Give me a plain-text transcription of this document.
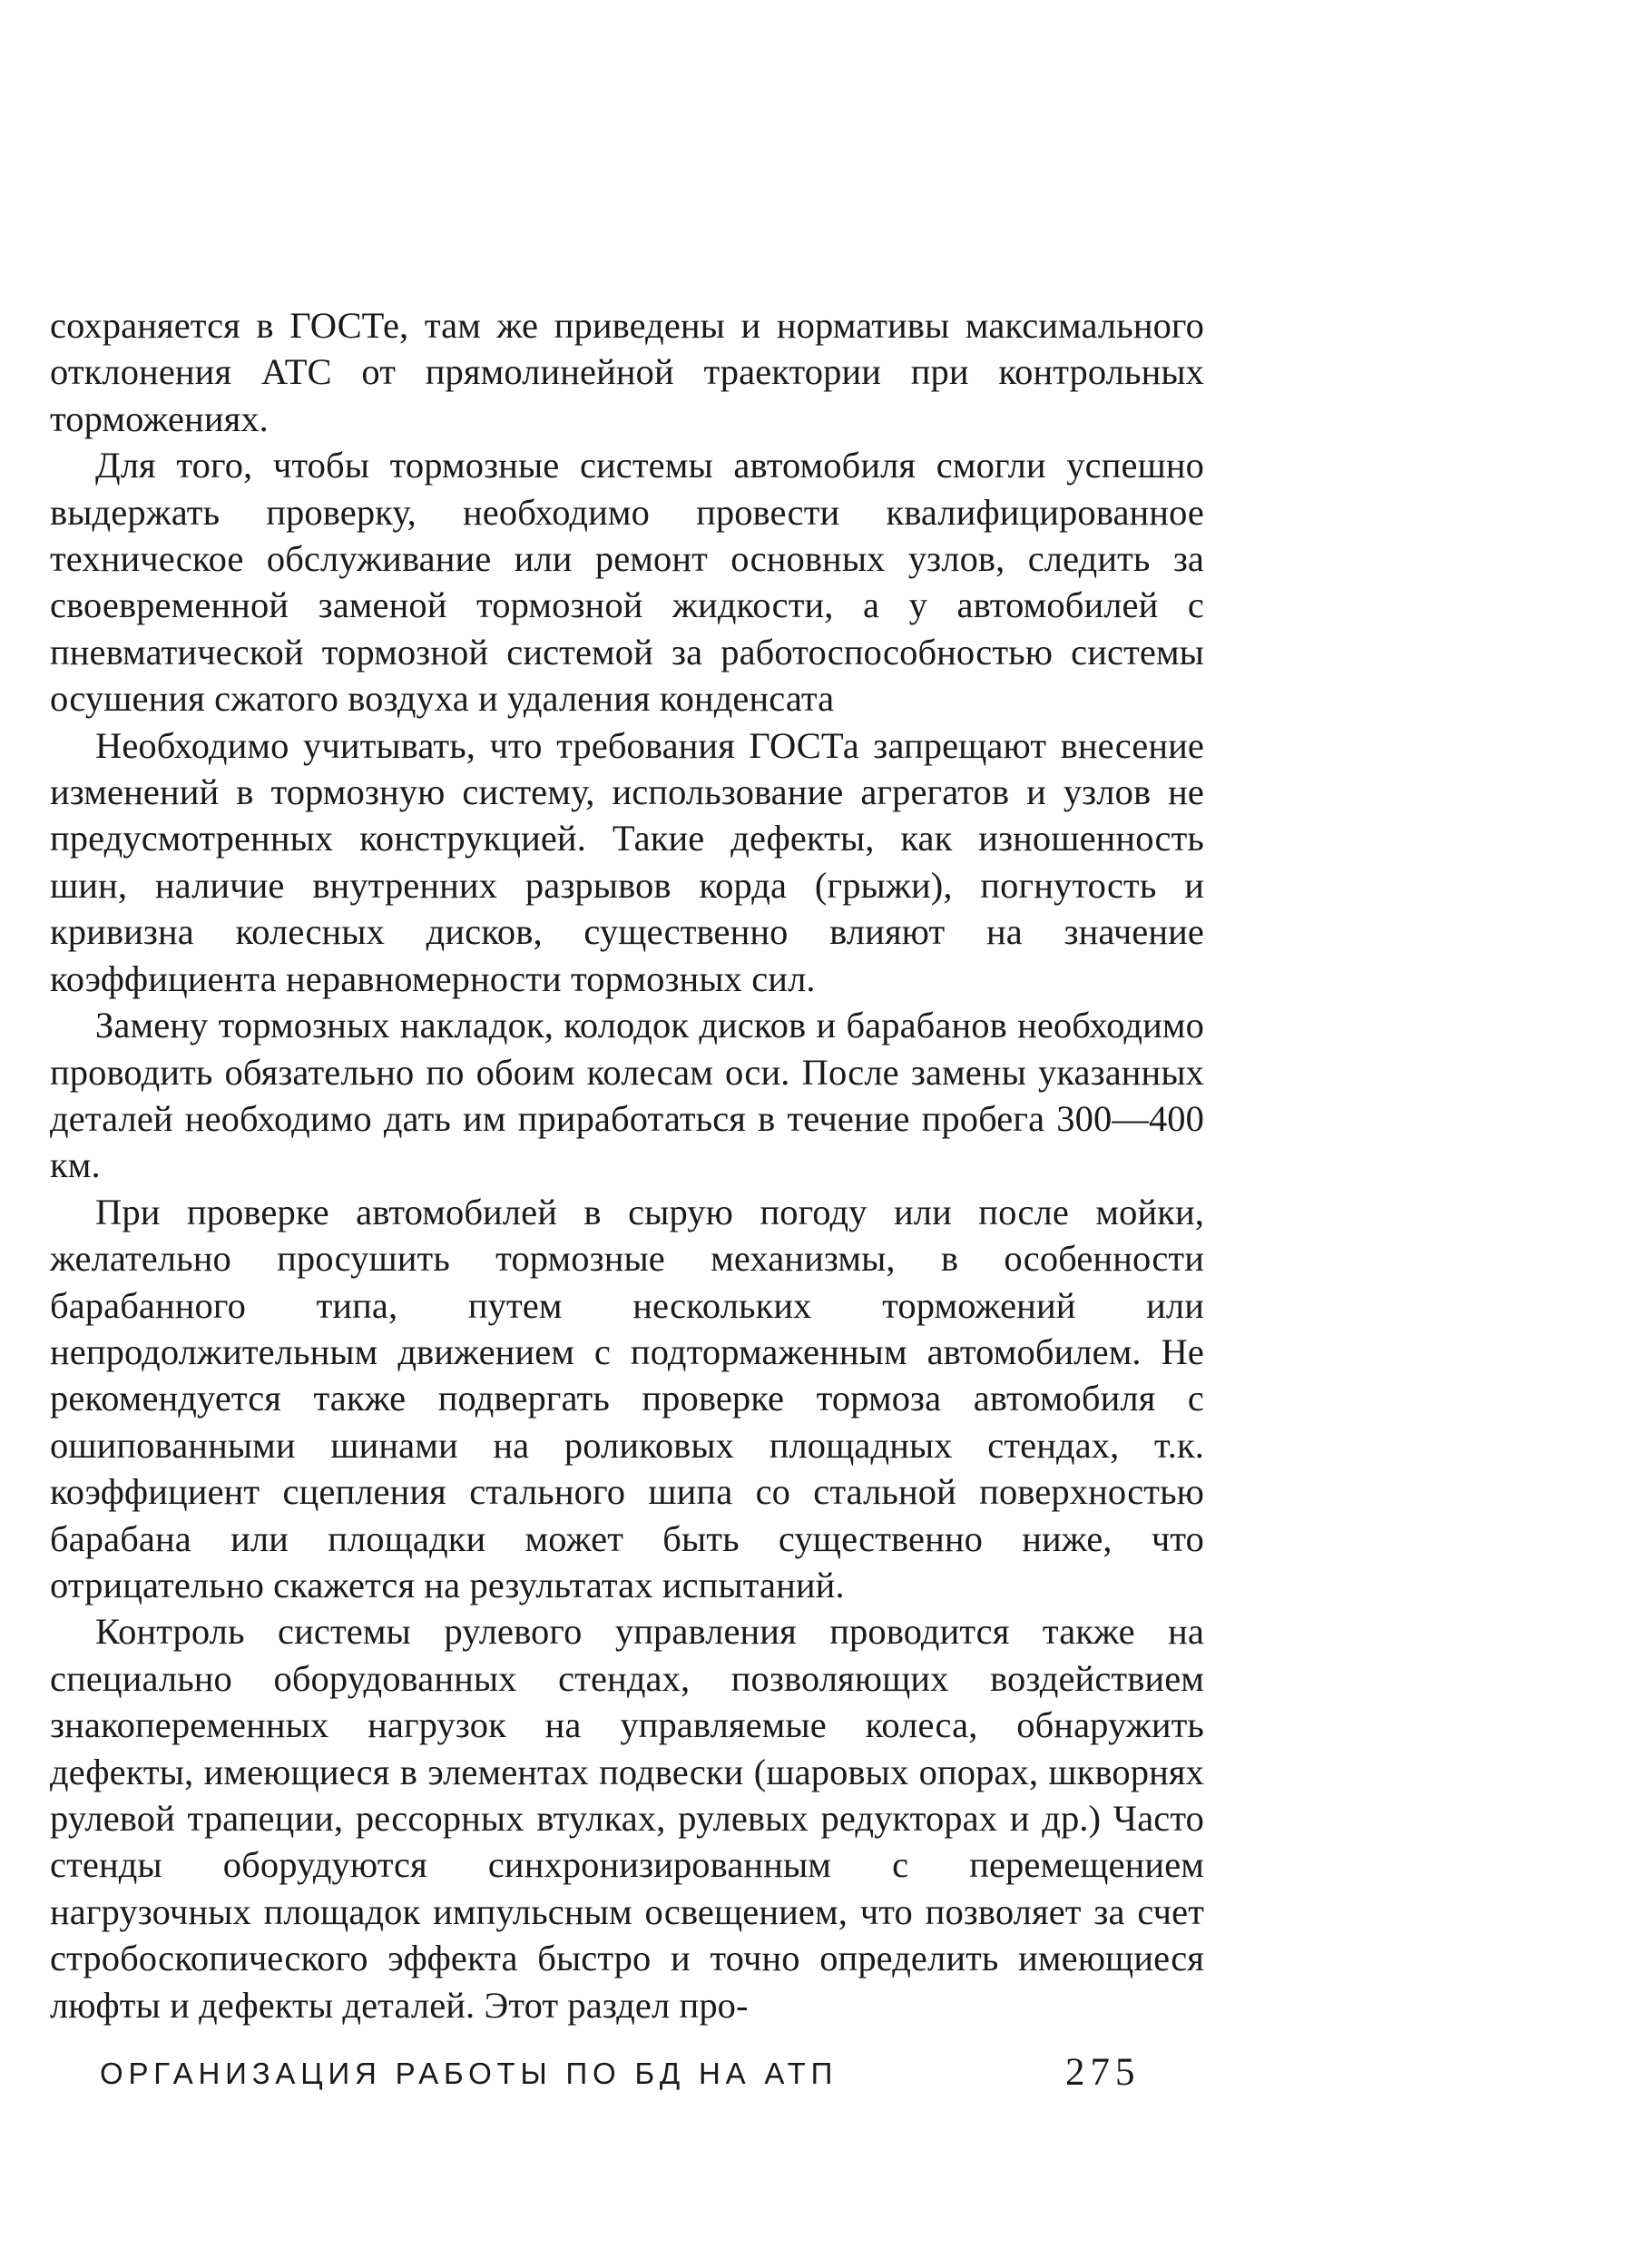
сохраняется в ГОСТе, там же приведены и нормативы максимального отклонения АТС от прямолинейной траектории при контрольных торможениях.

Для того, чтобы тормозные системы автомобиля смогли успешно выдержать проверку, необходимо провести квалифицированное техническое обслуживание или ремонт основных узлов, следить за своевременной заменой тормозной жидкости, а у автомобилей с пневматической тормозной системой за работоспособностью системы осушения сжатого воздуха и удаления конденсата

Необходимо учитывать, что требования ГОСТа запрещают внесение изменений в тормозную систему, использование агрегатов и узлов не предусмотренных конструкцией. Такие дефекты, как изношенность шин, наличие внутренних разрывов корда (грыжи), погнутость и кривизна колесных дисков, существенно влияют на значение коэффициента неравномерности тормозных сил.

Замену тормозных накладок, колодок дисков и барабанов необходимо проводить обязательно по обоим колесам оси. После замены указанных деталей необходимо дать им приработаться в течение пробега 300—400 км.

При проверке автомобилей в сырую погоду или после мойки, желательно просушить тормозные механизмы, в особенности барабанного типа, путем нескольких торможений или непродолжительным движением с подтормаженным автомобилем. Не рекомендуется также подвергать проверке тормоза автомобиля с ошипованными шинами на роликовых площадных стендах, т.к. коэффициент сцепления стального шипа со стальной поверхностью барабана или площадки может быть существенно ниже, что отрицательно скажется на результатах испытаний.

Контроль системы рулевого управления проводится также на специально оборудованных стендах, позволяющих воздействием знакопеременных нагрузок на управляемые колеса, обнаружить дефекты, имеющиеся в элементах подвески (шаровых опорах, шкворнях рулевой трапеции, рессорных втулках, рулевых редукторах и др.) Часто стенды оборудуются синхронизированным с перемещением нагрузочных площадок импульсным освещением, что позволяет за счет стробоскопического эффекта быстро и точно определить имеющиеся люфты и дефекты деталей. Этот раздел про-

ОРГАНИЗАЦИЯ РАБОТЫ ПО БД НА АТП	275
